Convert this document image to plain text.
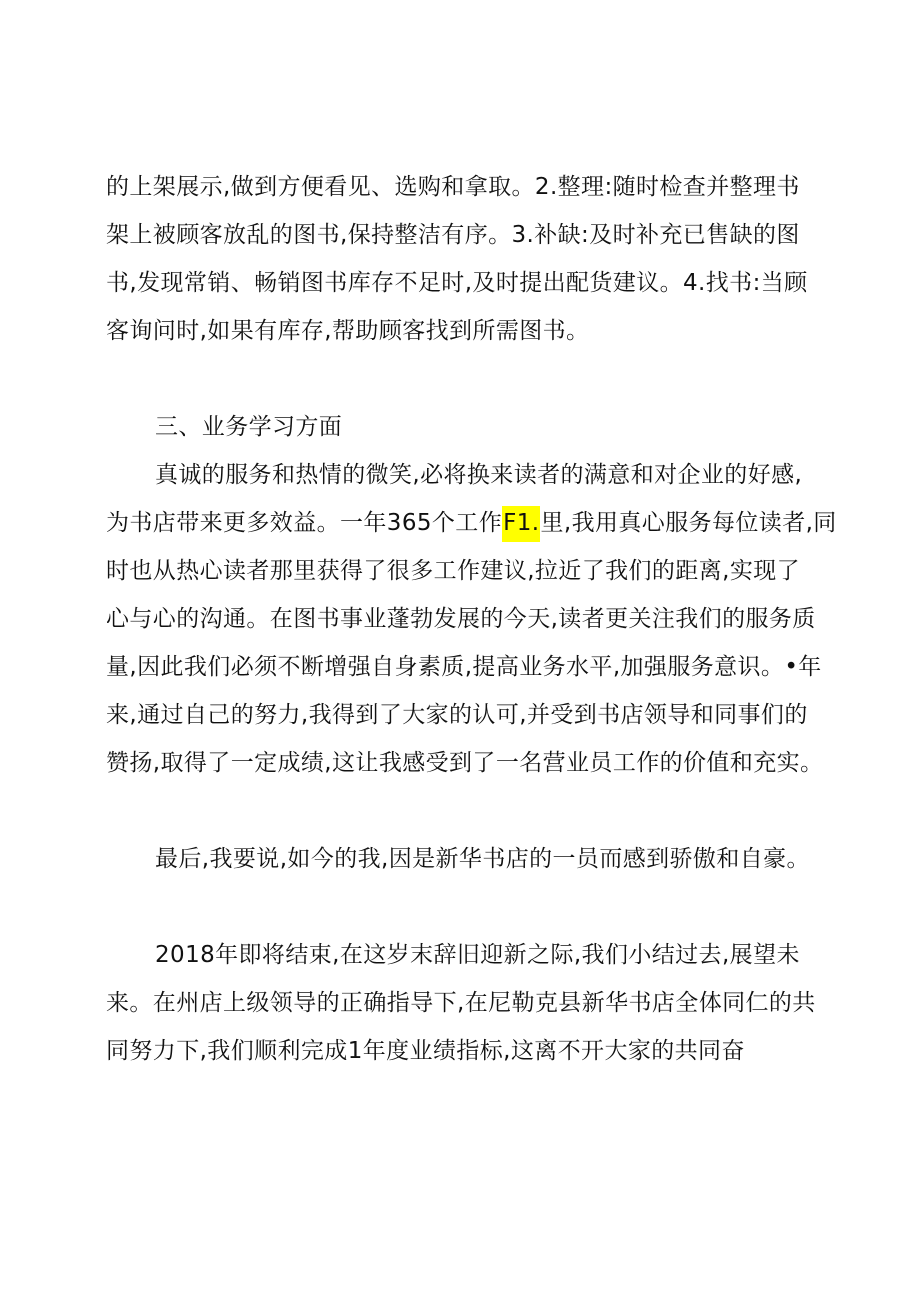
的上架展示,做到方便看见、选购和拿取。2.整理:随时检查并整理书
架上被顾客放乱的图书,保持整洁有序。3.补缺:及时补充已售缺的图
书,发现常销、畅销图书库存不足时,及时提出配货建议。4.找书:当顾
客询问时,如果有库存,帮助顾客找到所需图书。
三、业务学习方面
真诚的服务和热情的微笑,必将换来读者的满意和对企业的好感,
为书店带来更多效益。一年365个工作F1.里,我用真心服务每位读者,同
时也从热心读者那里获得了很多工作建议,拉近了我们的距离,实现了
心与心的沟通。在图书事业蓬勃发展的今天,读者更关注我们的服务质
量,因此我们必须不断增强自身素质,提高业务水平,加强服务意识。•年
来,通过自己的努力,我得到了大家的认可,并受到书店领导和同事们的
赞扬,取得了一定成绩,这让我感受到了一名营业员工作的价值和充实。
最后,我要说,如今的我,因是新华书店的一员而感到骄傲和自豪。
2018年即将结束,在这岁末辞旧迎新之际,我们小结过去,展望未
来。在州店上级领导的正确指导下,在尼勒克县新华书店全体同仁的共
同努力下,我们顺利完成1年度业绩指标,这离不开大家的共同奋
